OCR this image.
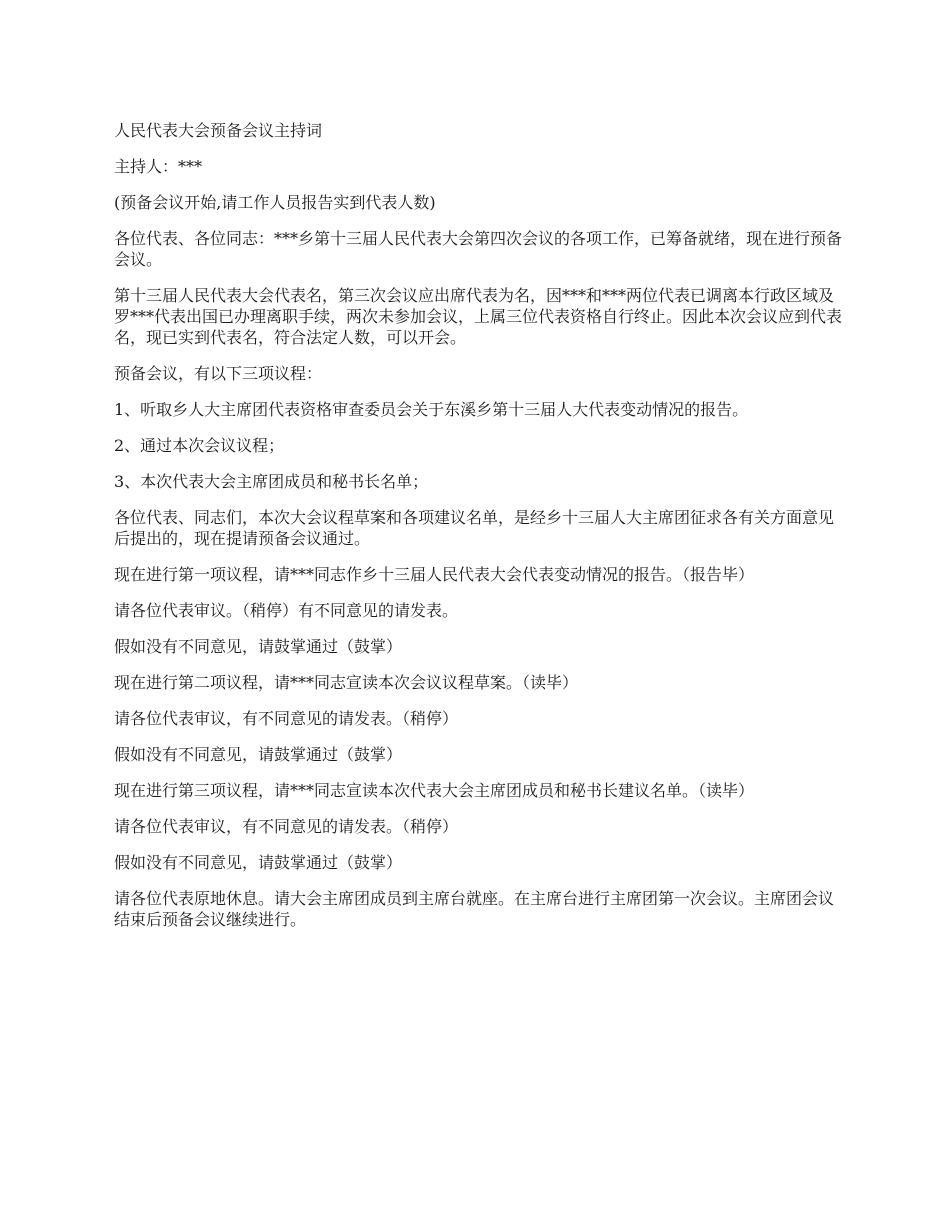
人民代表大会预备会议主持词

主持人：***

(预备会议开始,请工作人员报告实到代表人数)

各位代表、各位同志：***乡第十三届人民代表大会第四次会议的各项工作，已筹备就绪，现在进行预备会议。

第十三届人民代表大会代表名，第三次会议应出席代表为名，因***和***两位代表已调离本行政区域及罗***代表出国已办理离职手续，两次未参加会议，上属三位代表资格自行终止。因此本次会议应到代表名，现已实到代表名，符合法定人数，可以开会。

预备会议，有以下三项议程：

1、听取乡人大主席团代表资格审查委员会关于东溪乡第十三届人大代表变动情况的报告。

2、通过本次会议议程；

3、本次代表大会主席团成员和秘书长名单；

各位代表、同志们，本次大会议程草案和各项建议名单，是经乡十三届人大主席团征求各有关方面意见后提出的，现在提请预备会议通过。

现在进行第一项议程，请***同志作乡十三届人民代表大会代表变动情况的报告。（报告毕）

请各位代表审议。（稍停）有不同意见的请发表。

假如没有不同意见，请鼓掌通过（鼓掌）

现在进行第二项议程，请***同志宣读本次会议议程草案。（读毕）

请各位代表审议，有不同意见的请发表。（稍停）

假如没有不同意见，请鼓掌通过（鼓掌）

现在进行第三项议程，请***同志宣读本次代表大会主席团成员和秘书长建议名单。（读毕）

请各位代表审议，有不同意见的请发表。（稍停）

假如没有不同意见，请鼓掌通过（鼓掌）

请各位代表原地休息。请大会主席团成员到主席台就座。在主席台进行主席团第一次会议。主席团会议结束后预备会议继续进行。
